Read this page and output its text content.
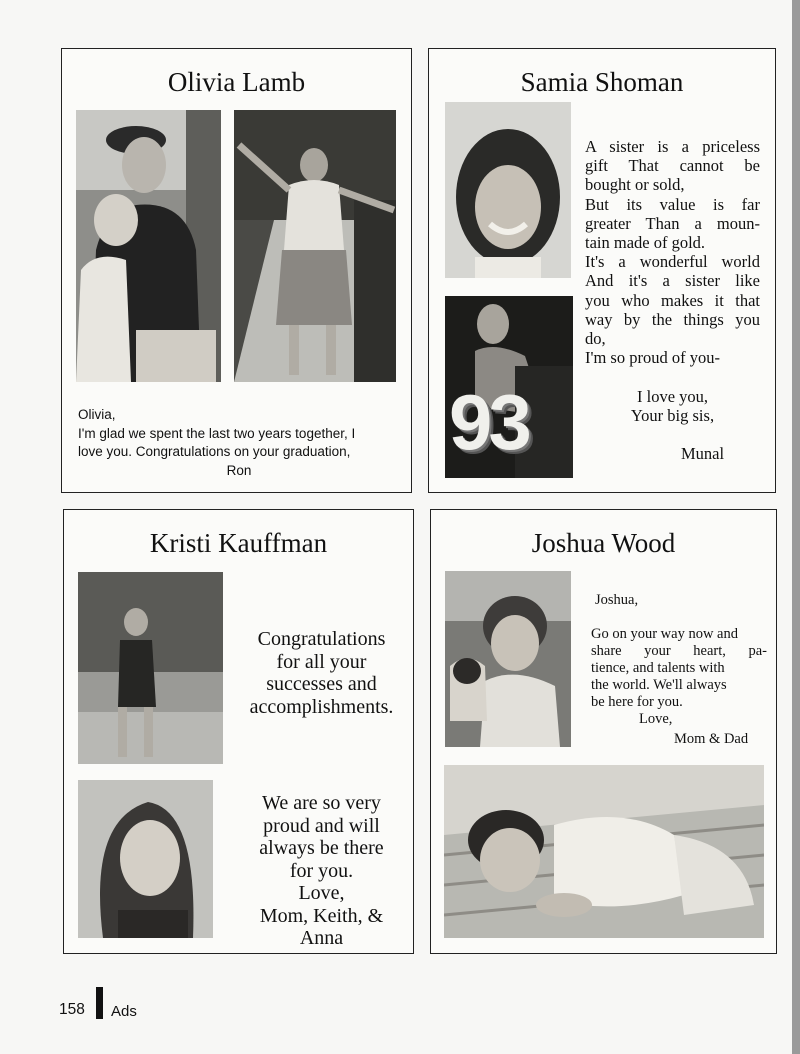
Olivia Lamb
Olivia,
I'm glad we spent the last two years together, I
love you. Congratulations on your graduation,
Ron
Samia Shoman
93
A sister is a priceless
gift That cannot be
bought or sold,
But its value is far
greater Than a moun-
tain made of gold.
It's a wonderful world
And it's a sister like
you who makes it that
way by the things you
do,
I'm so proud of you-
I love you,
Your big sis,
Munal
Kristi Kauffman
Congratulations
for all your
successes and
accomplishments.
We are so very
proud and will
always be there
for you.
Love,
Mom, Keith, &
Anna
Joshua Wood
Joshua,
Go on your way now and
share your heart, pa-
tience, and talents with
the world. We'll always
be here for you.
Love,
Mom & Dad
158 Ads
